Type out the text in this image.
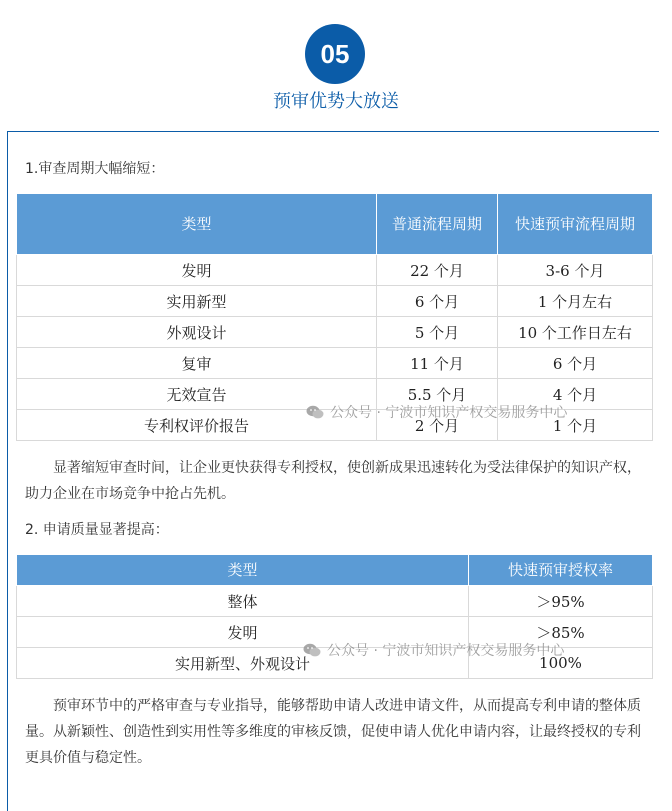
05
预审优势大放送
1.审查周期大幅缩短：
类型	普通流程周期	快速预审流程周期
发明	22 个月	3-6 个月
实用新型	6 个月	1 个月左右
外观设计	5 个月	10 个工作日左右
复审	11 个月	6 个月
无效宣告	5.5 个月	4 个月
专利权评价报告	2 个月	1 个月
公众号 · 宁波市知识产权交易服务中心
显著缩短审查时间，让企业更快获得专利授权，使创新成果迅速转化为受法律保护的知识产权，助力企业在市场竞争中抢占先机。
2. 申请质量显著提高：
类型	快速预审授权率
整体	＞95%
发明	＞85%
实用新型、外观设计	100%
公众号 · 宁波市知识产权交易服务中心
预审环节中的严格审查与专业指导，能够帮助申请人改进申请文件，从而提高专利申请的整体质量。从新颖性、创造性到实用性等多维度的审核反馈，促使申请人优化申请内容，让最终授权的专利更具价值与稳定性。
